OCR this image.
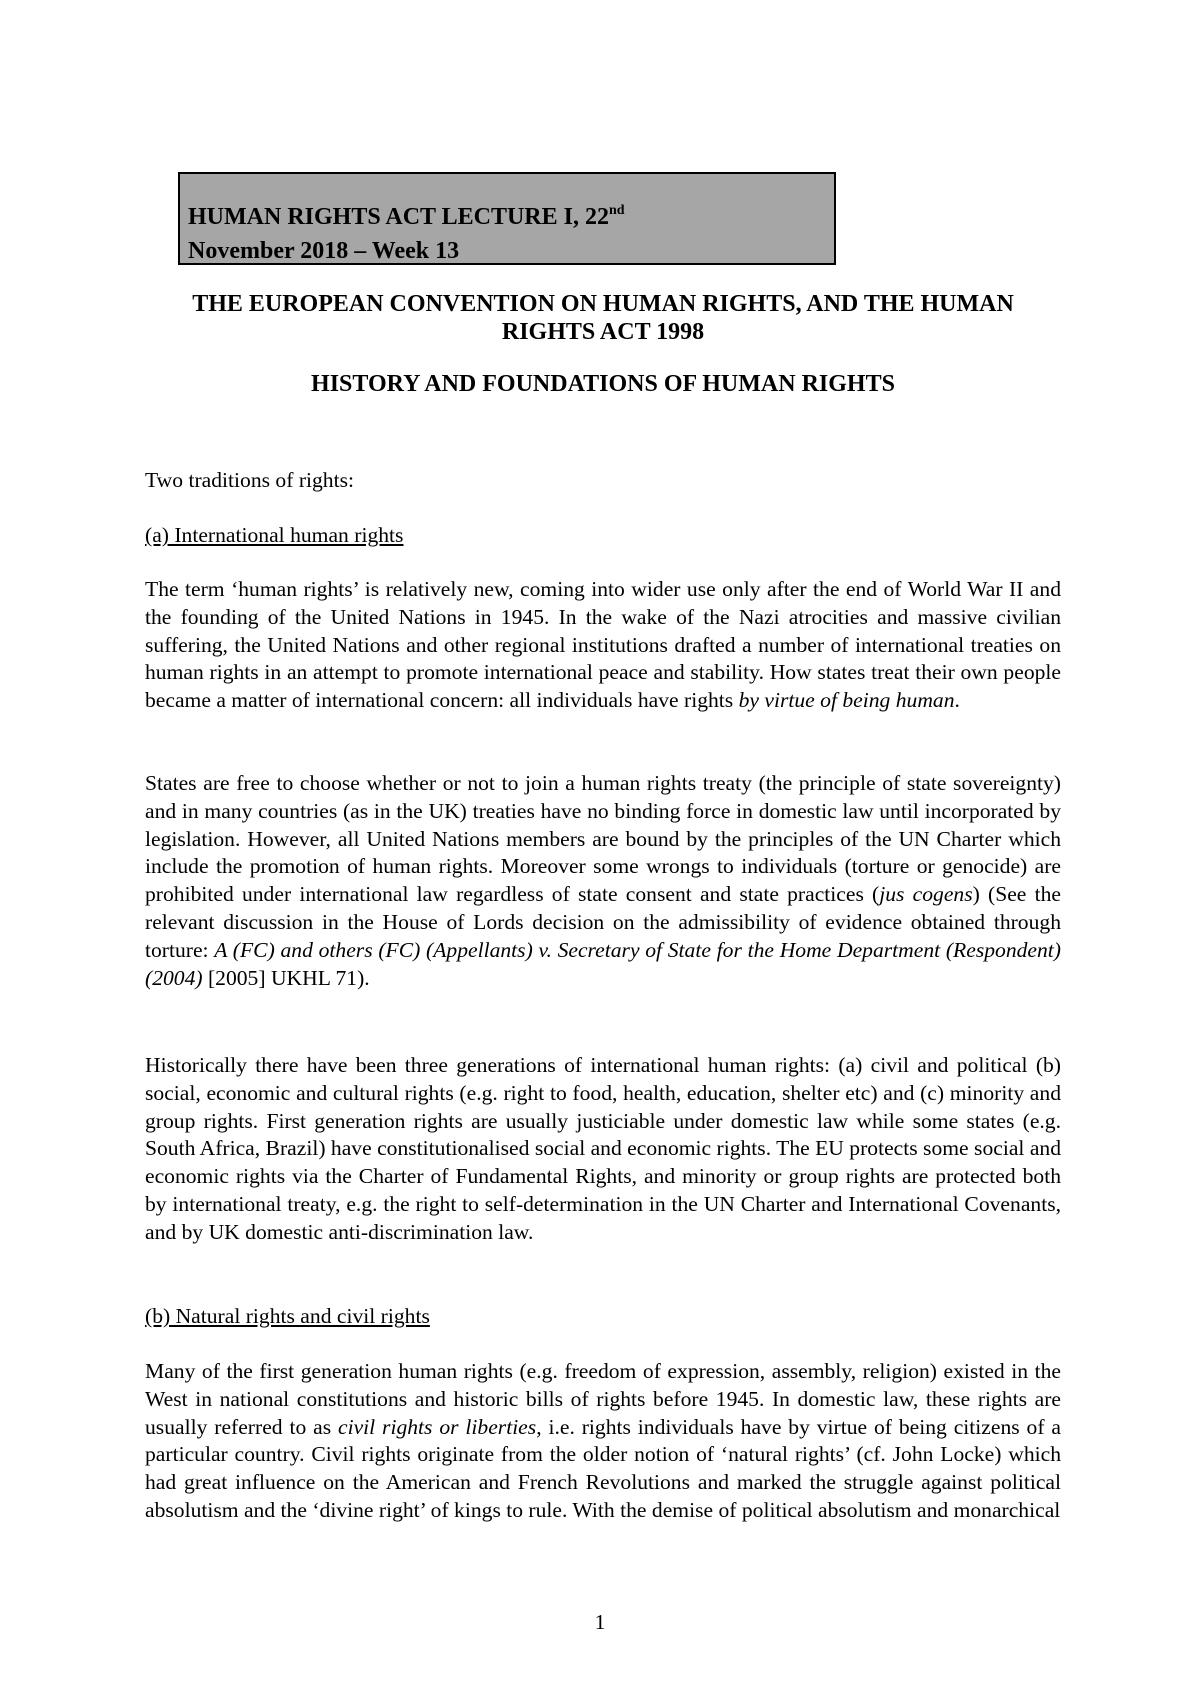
HUMAN RIGHTS ACT LECTURE I, 22nd
November 2018 – Week 13
THE EUROPEAN CONVENTION ON HUMAN RIGHTS, AND THE HUMAN RIGHTS ACT 1998
HISTORY AND FOUNDATIONS OF HUMAN RIGHTS
Two traditions of rights:
(a) International human rights

The term ‘human rights’ is relatively new, coming into wider use only after the end of World War II and the founding of the United Nations in 1945. In the wake of the Nazi atrocities and massive civilian suffering, the United Nations and other regional institutions drafted a number of international treaties on human rights in an attempt to promote international peace and stability. How states treat their own people became a matter of international concern: all individuals have rights by virtue of being human.

States are free to choose whether or not to join a human rights treaty (the principle of state sovereignty) and in many countries (as in the UK) treaties have no binding force in domestic law until incorporated by legislation. However, all United Nations members are bound by the principles of the UN Charter which include the promotion of human rights. Moreover some wrongs to individuals (torture or genocide) are prohibited under international law regardless of state consent and state practices (jus cogens) (See the relevant discussion in the House of Lords decision on the admissibility of evidence obtained through torture: A (FC) and others (FC) (Appellants) v. Secretary of State for the Home Department (Respondent) (2004) [2005] UKHL 71).

Historically there have been three generations of international human rights: (a) civil and political (b) social, economic and cultural rights (e.g. right to food, health, education, shelter etc) and (c) minority and group rights. First generation rights are usually justiciable under domestic law while some states (e.g. South Africa, Brazil) have constitutionalised social and economic rights. The EU protects some social and economic rights via the Charter of Fundamental Rights, and minority or group rights are protected both by international treaty, e.g. the right to self-determination in the UN Charter and International Covenants, and by UK domestic anti-discrimination law.

(b) Natural rights and civil rights

Many of the first generation human rights (e.g. freedom of expression, assembly, religion) existed in the West in national constitutions and historic bills of rights before 1945. In domestic law, these rights are usually referred to as civil rights or liberties, i.e. rights individuals have by virtue of being citizens of a particular country. Civil rights originate from the older notion of ‘natural rights’ (cf. John Locke) which had great influence on the American and French Revolutions and marked the struggle against political absolutism and the ‘divine right’ of kings to rule. With the demise of political absolutism and monarchical

1
